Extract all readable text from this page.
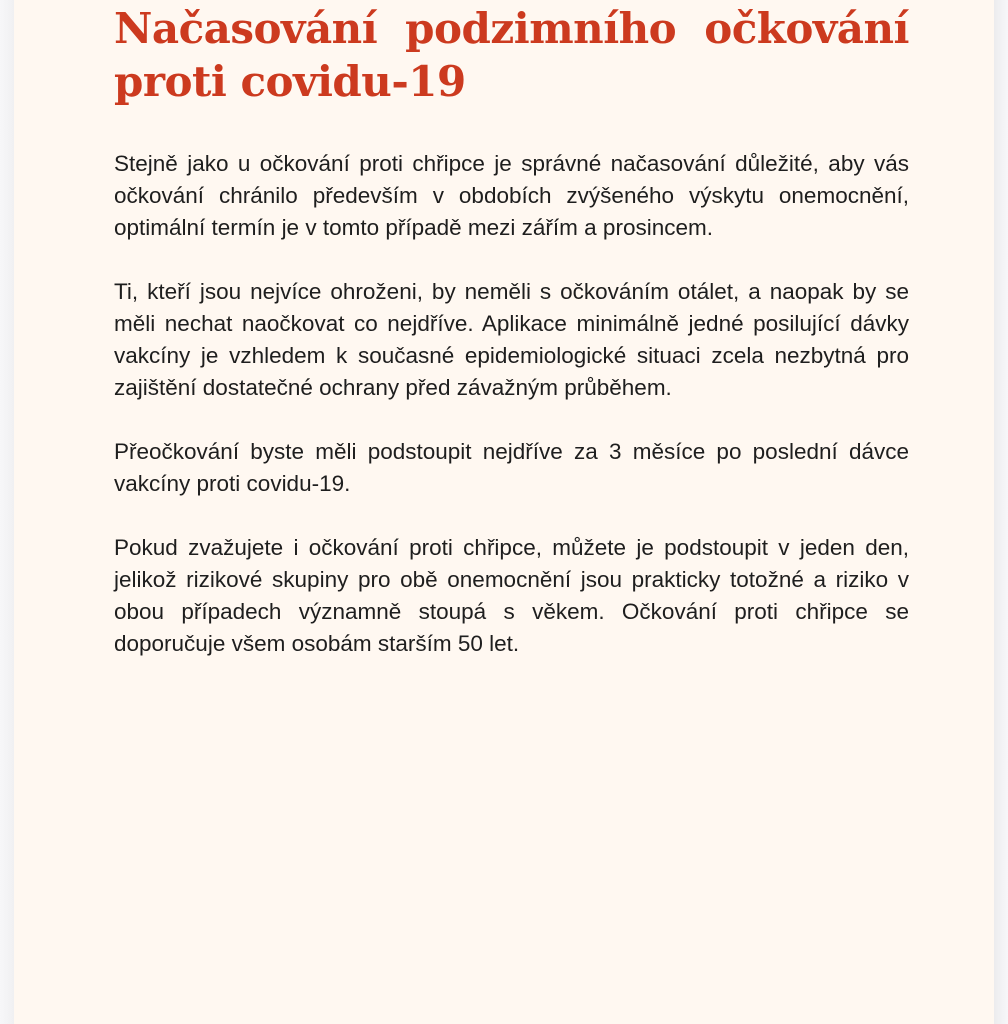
Načasování podzimního očkování proti covidu-19

Stejně jako u očkování proti chřipce je správné načasování důležité, aby vás očkování chránilo především v obdobích zvýšeného výskytu onemocnění, optimální termín je v tomto případě mezi zářím a prosincem.

Ti, kteří jsou nejvíce ohroženi, by neměli s očkováním otálet, a naopak by se měli nechat naočkovat co nejdříve. Aplikace minimálně jedné posilující dávky vakcíny je vzhledem k současné epidemiologické situaci zcela nezbytná pro zajištění dostatečné ochrany před závažným průběhem.

Přeočkování byste měli podstoupit nejdříve za 3 měsíce po poslední dávce vakcíny proti covidu-19.

Pokud zvažujete i očkování proti chřipce, můžete je podstoupit v jeden den, jelikož rizikové skupiny pro obě onemocnění jsou prakticky totožné a riziko v obou případech významně stoupá s věkem. Očkování proti chřipce se doporučuje všem osobám starším 50 let.
